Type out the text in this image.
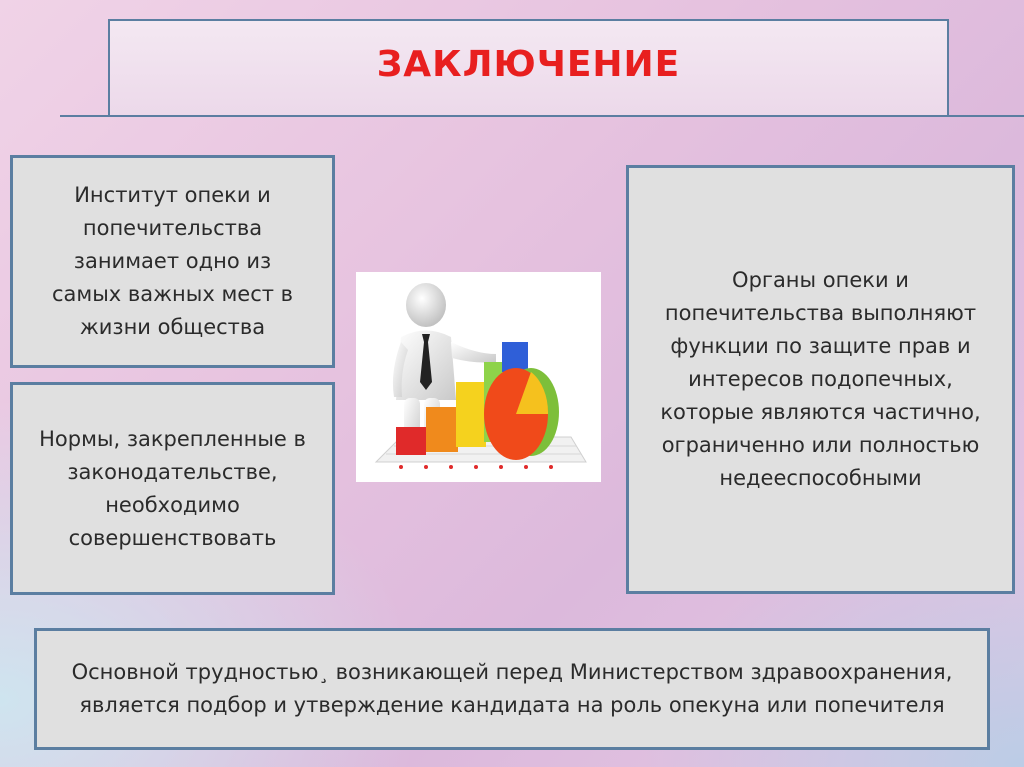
ЗАКЛЮЧЕНИЕ
Институт опеки и попечительства занимает одно из самых важных мест в жизни общества
Нормы, закрепленные в законодательстве, необходимо совершенствовать
Органы опеки и попечительства выполняют функции по защите прав и интересов подопечных, которые являются частично, ограниченно или полностью недееспособными
Основной трудностью¸ возникающей перед Министерством здравоохранения, является подбор и утверждение кандидата на роль опекуна или попечителя
